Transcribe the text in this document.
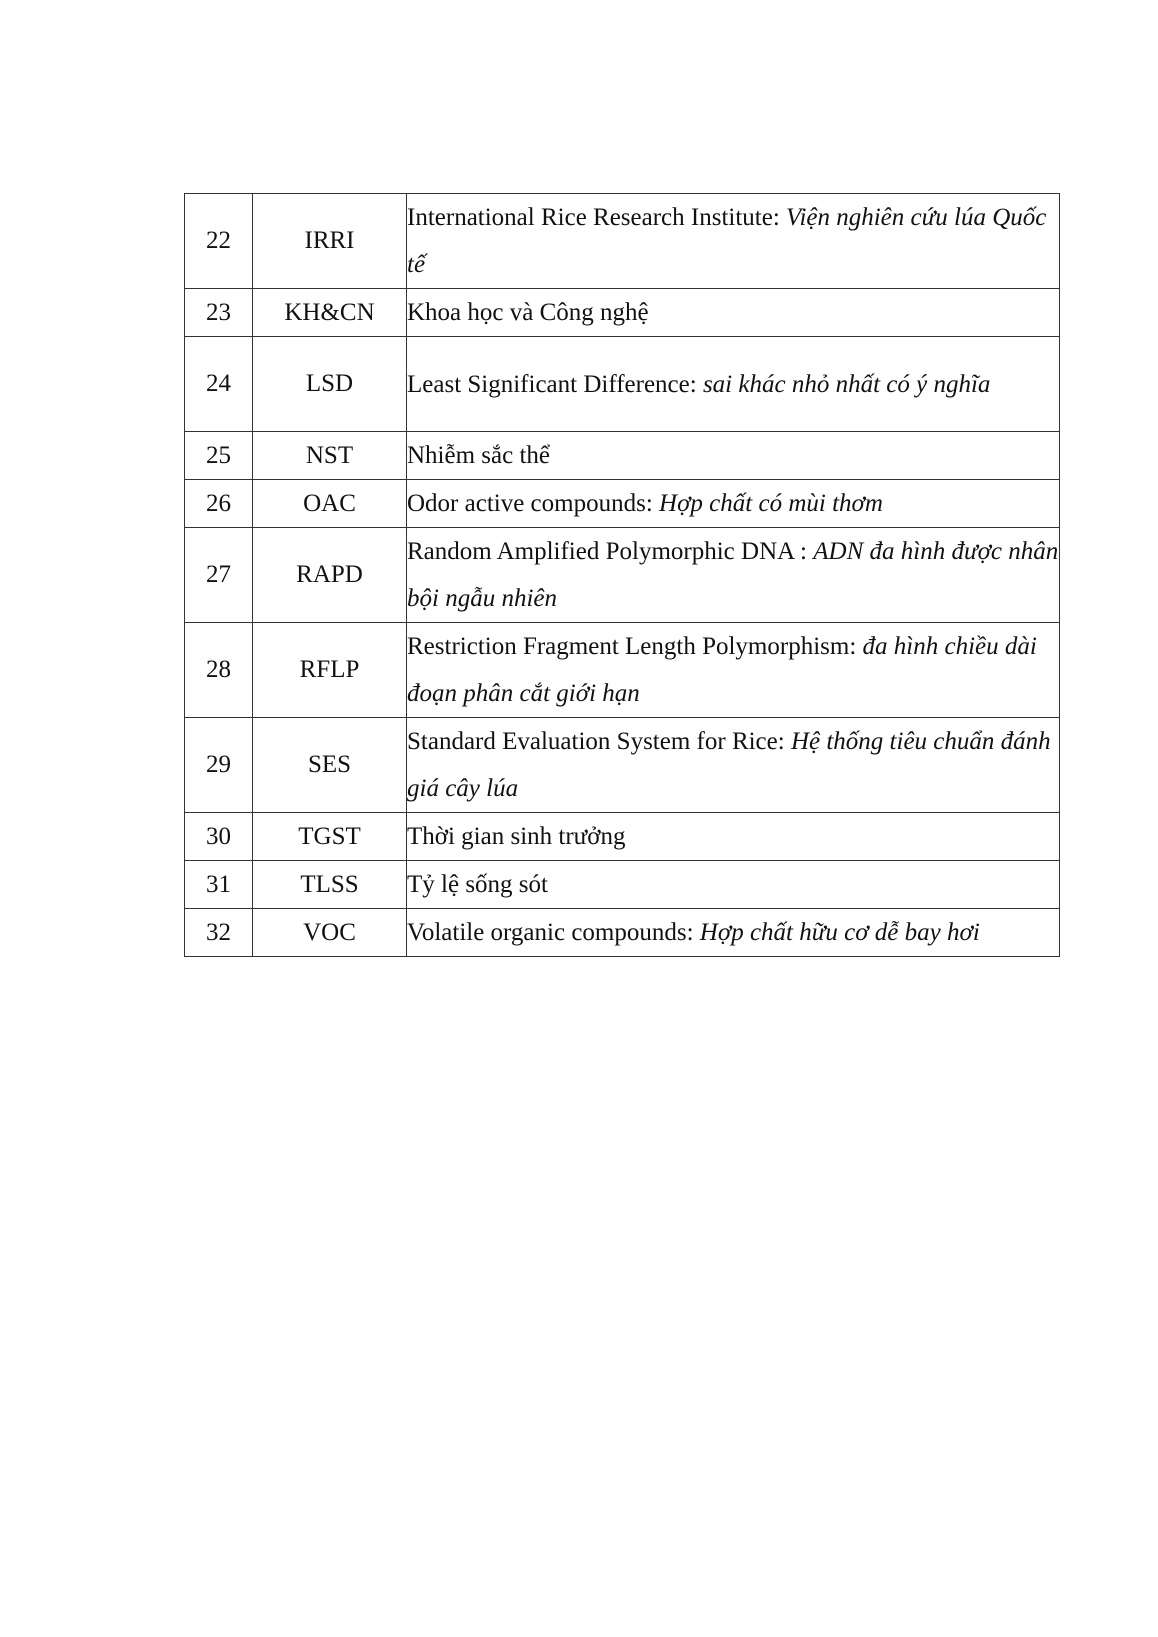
22	IRRI	International Rice Research Institute: Viện nghiên cứu lúa Quốc tế
23	KH&CN	Khoa học và Công nghệ
24	LSD	Least Significant Difference: sai khác nhỏ nhất có ý nghĩa
25	NST	Nhiễm sắc thể
26	OAC	Odor active compounds: Hợp chất có mùi thơm
27	RAPD	Random Amplified Polymorphic DNA : ADN đa hình được nhân bội ngẫu nhiên
28	RFLP	Restriction Fragment Length Polymorphism: đa hình chiều dài đoạn phân cắt giới hạn
29	SES	Standard Evaluation System for Rice: Hệ thống tiêu chuẩn đánh giá cây lúa
30	TGST	Thời gian sinh trưởng
31	TLSS	Tỷ lệ sống sót
32	VOC	Volatile organic compounds: Hợp chất hữu cơ dễ bay hơi
